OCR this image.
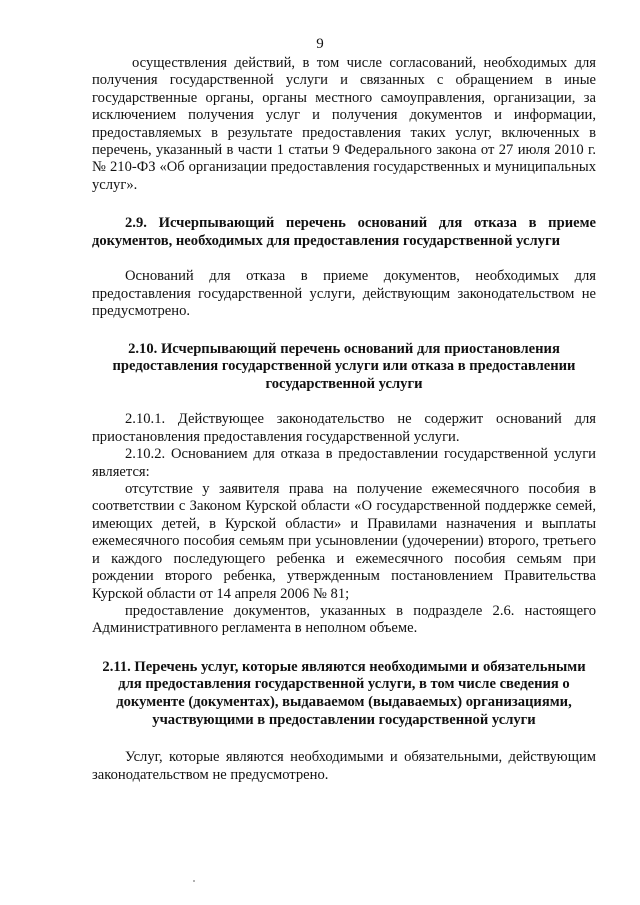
9

осуществления действий, в том числе согласований, необходимых для получения государственной услуги и связанных с обращением в иные государственные органы, органы местного самоуправления, организации, за исключением получения услуг и получения документов и информации, предоставляемых в результате предоставления таких услуг, включенных в перечень, указанный в части 1 статьи 9 Федерального закона от 27 июля 2010 г. № 210-ФЗ «Об организации предоставления государственных и муниципальных услуг».

2.9. Исчерпывающий перечень оснований для отказа в приеме документов, необходимых для предоставления государственной услуги

Оснований для отказа в приеме документов, необходимых для предоставления государственной услуги, действующим законодательством не предусмотрено.

2.10. Исчерпывающий перечень оснований для приостановления предоставления государственной услуги или отказа в предоставлении государственной услуги

2.10.1. Действующее законодательство не содержит оснований для приостановления предоставления государственной услуги.

2.10.2. Основанием для отказа в предоставлении государственной услуги является:

отсутствие у заявителя права на получение ежемесячного пособия в соответствии с Законом Курской области «О государственной поддержке семей, имеющих детей, в Курской области» и Правилами назначения и выплаты ежемесячного пособия семьям при усыновлении (удочерении) второго, третьего и каждого последующего ребенка и ежемесячного пособия семьям при рождении второго ребенка, утвержденным постановлением Правительства Курской области от 14 апреля 2006 № 81;

предоставление документов, указанных в подразделе 2.6. настоящего Административного регламента в неполном объеме.

2.11. Перечень услуг, которые являются необходимыми и обязательными для предоставления государственной услуги, в том числе сведения о документе (документах), выдаваемом (выдаваемых) организациями, участвующими в предоставлении государственной услуги

Услуг, которые являются необходимыми и обязательными, действующим законодательством не предусмотрено.
